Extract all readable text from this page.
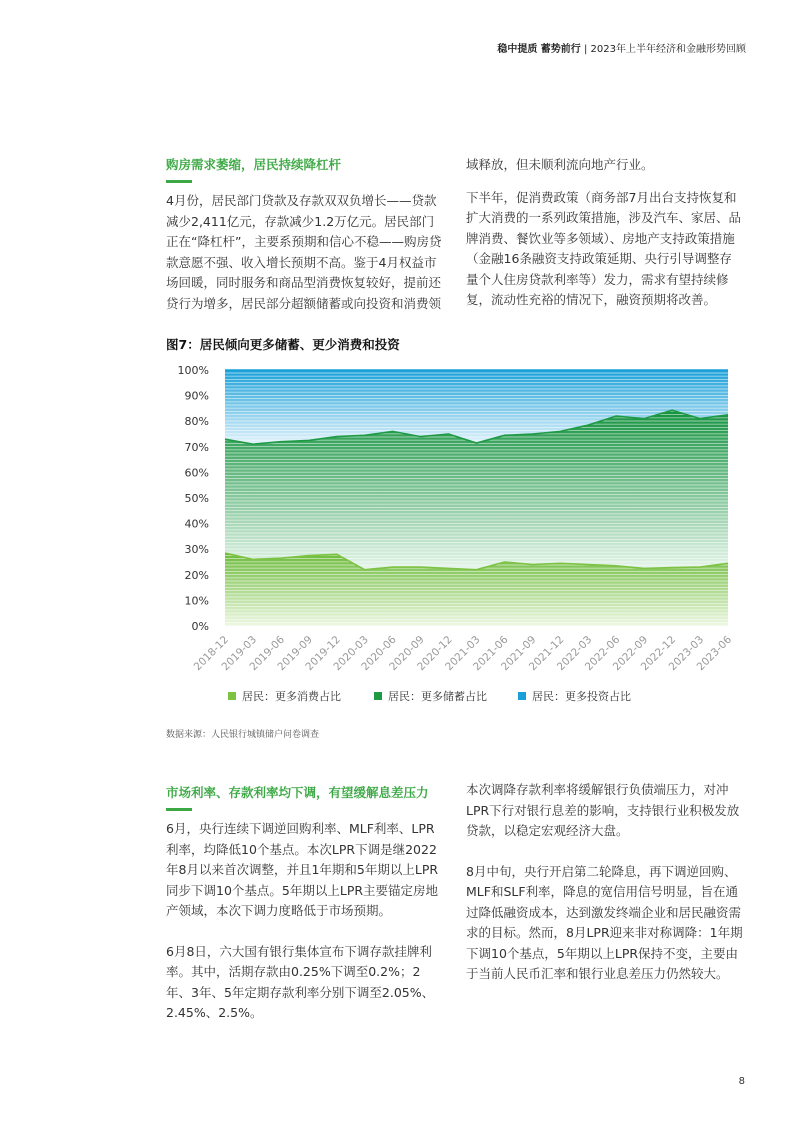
稳中提质 蓄势前行 | 2023年上半年经济和金融形势回顾

购房需求萎缩，居民持续降杠杆

4月份，居民部门贷款及存款双双负增长——贷款减少2,411亿元，存款减少1.2万亿元。居民部门正在“降杠杆”，主要系预期和信心不稳——购房贷款意愿不强、收入增长预期不高。鉴于4月权益市场回暖，同时服务和商品型消费恢复较好，提前还贷行为增多，居民部分超额储蓄或向投资和消费领

域释放，但未顺利流向地产行业。

下半年，促消费政策（商务部7月出台支持恢复和扩大消费的一系列政策措施，涉及汽车、家居、品牌消费、餐饮业等多领域）、房地产支持政策措施（金融16条融资支持政策延期、央行引导调整存量个人住房贷款利率等）发力，需求有望持续修复，流动性充裕的情况下，融资预期将改善。

图7：居民倾向更多储蓄、更少消费和投资
0%
10%
20%
30%
40%
50%
60%
70%
80%
90%
100%
2018-12
2019-03
2019-06
2019-09
2019-12
2020-03
2020-06
2020-09
2020-12
2021-03
2021-06
2021-09
2021-12
2022-03
2022-06
2022-09
2022-12
2023-03
2023-06
居民：更多消费占比	居民：更多储蓄占比	居民：更多投资占比
数据来源：人民银行城镇储户问卷调查

市场利率、存款利率均下调，有望缓解息差压力

6月，央行连续下调逆回购利率、MLF利率、LPR利率，均降低10个基点。本次LPR下调是继2022年8月以来首次调整，并且1年期和5年期以上LPR同步下调10个基点。5年期以上LPR主要锚定房地产领域，本次下调力度略低于市场预期。

6月8日，六大国有银行集体宣布下调存款挂牌利率。其中，活期存款由0.25%下调至0.2%；2年、3年、5年定期存款利率分别下调至2.05%、2.45%、2.5%。

本次调降存款利率将缓解银行负债端压力，对冲LPR下行对银行息差的影响，支持银行业积极发放贷款，以稳定宏观经济大盘。

8月中旬，央行开启第二轮降息，再下调逆回购、MLF和SLF利率，降息的宽信用信号明显，旨在通过降低融资成本，达到激发终端企业和居民融资需求的目标。然而，8月LPR迎来非对称调降：1年期下调10个基点，5年期以上LPR保持不变，主要由于当前人民币汇率和银行业息差压力仍然较大。

8
